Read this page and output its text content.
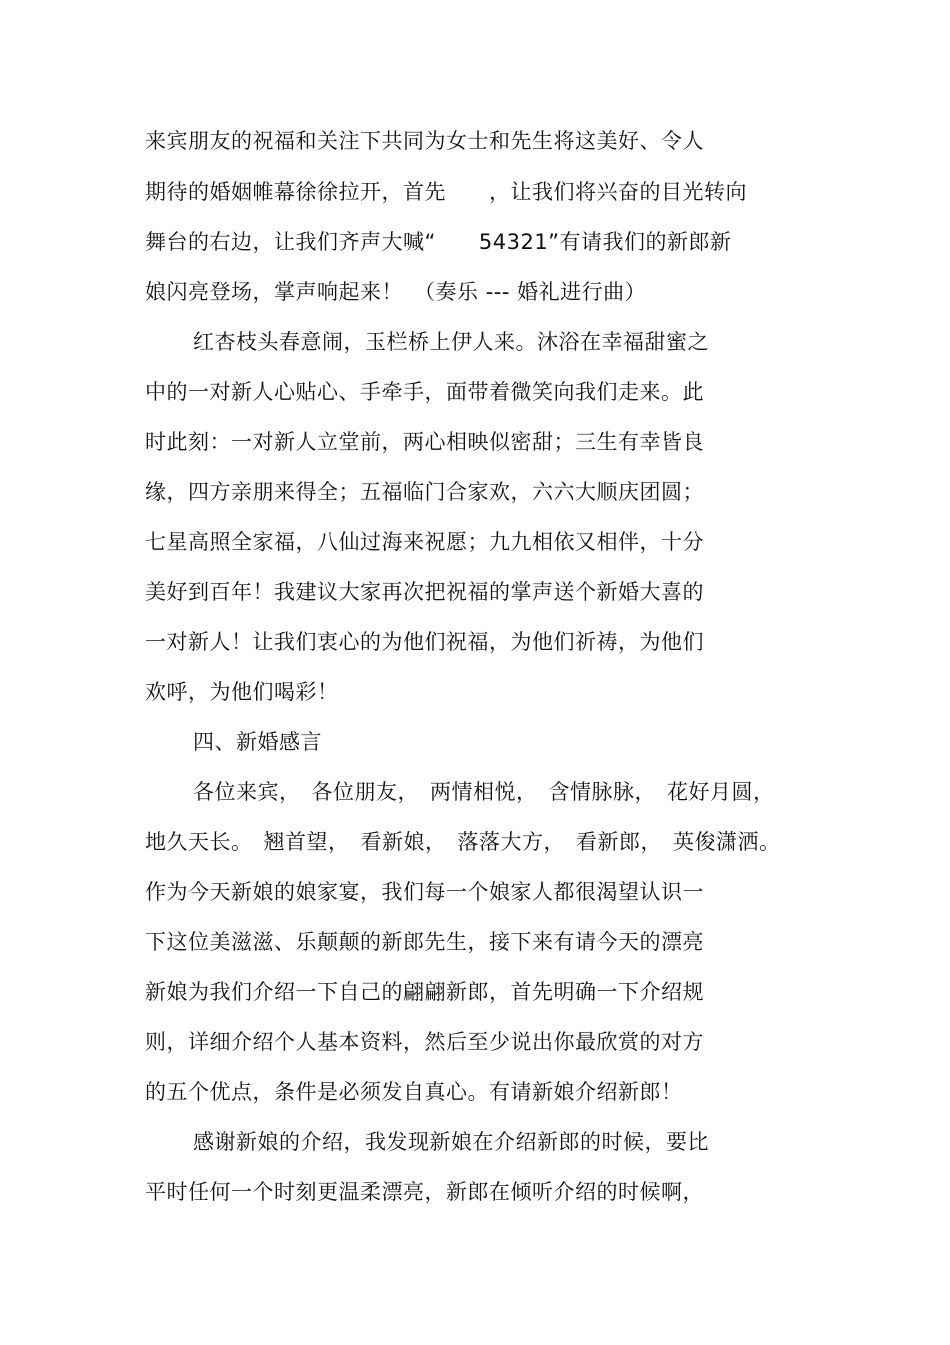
来宾朋友的祝福和关注下共同为女士和先生将这美好、令人
期待的婚姻帷幕徐徐拉开，首先　　，让我们将兴奋的目光转向
舞台的右边，让我们齐声大喊“　　54321”有请我们的新郎新
娘闪亮登场，掌声响起来！　（奏乐 --- 婚礼进行曲）
红杏枝头春意闹，玉栏桥上伊人来。沐浴在幸福甜蜜之
中的一对新人心贴心、手牵手，面带着微笑向我们走来。此
时此刻：一对新人立堂前，两心相映似密甜；三生有幸皆良
缘，四方亲朋来得全；五福临门合家欢，六六大顺庆团圆；
七星高照全家福，八仙过海来祝愿；九九相依又相伴，十分
美好到百年！我建议大家再次把祝福的掌声送个新婚大喜的
一对新人！让我们衷心的为他们祝福，为他们祈祷，为他们
欢呼，为他们喝彩！
四、新婚感言
各位来宾，　各位朋友，　两情相悦，　含情脉脉，　花好月圆，
地久天长。　翘首望，　看新娘，　落落大方，　看新郎，　英俊潇洒。
作为今天新娘的娘家宴，我们每一个娘家人都很渴望认识一
下这位美滋滋、乐颠颠的新郎先生，接下来有请今天的漂亮
新娘为我们介绍一下自己的翩翩新郎，首先明确一下介绍规
则，详细介绍个人基本资料，然后至少说出你最欣赏的对方
的五个优点，条件是必须发自真心。有请新娘介绍新郎！
感谢新娘的介绍，我发现新娘在介绍新郎的时候，要比
平时任何一个时刻更温柔漂亮，新郎在倾听介绍的时候啊，
